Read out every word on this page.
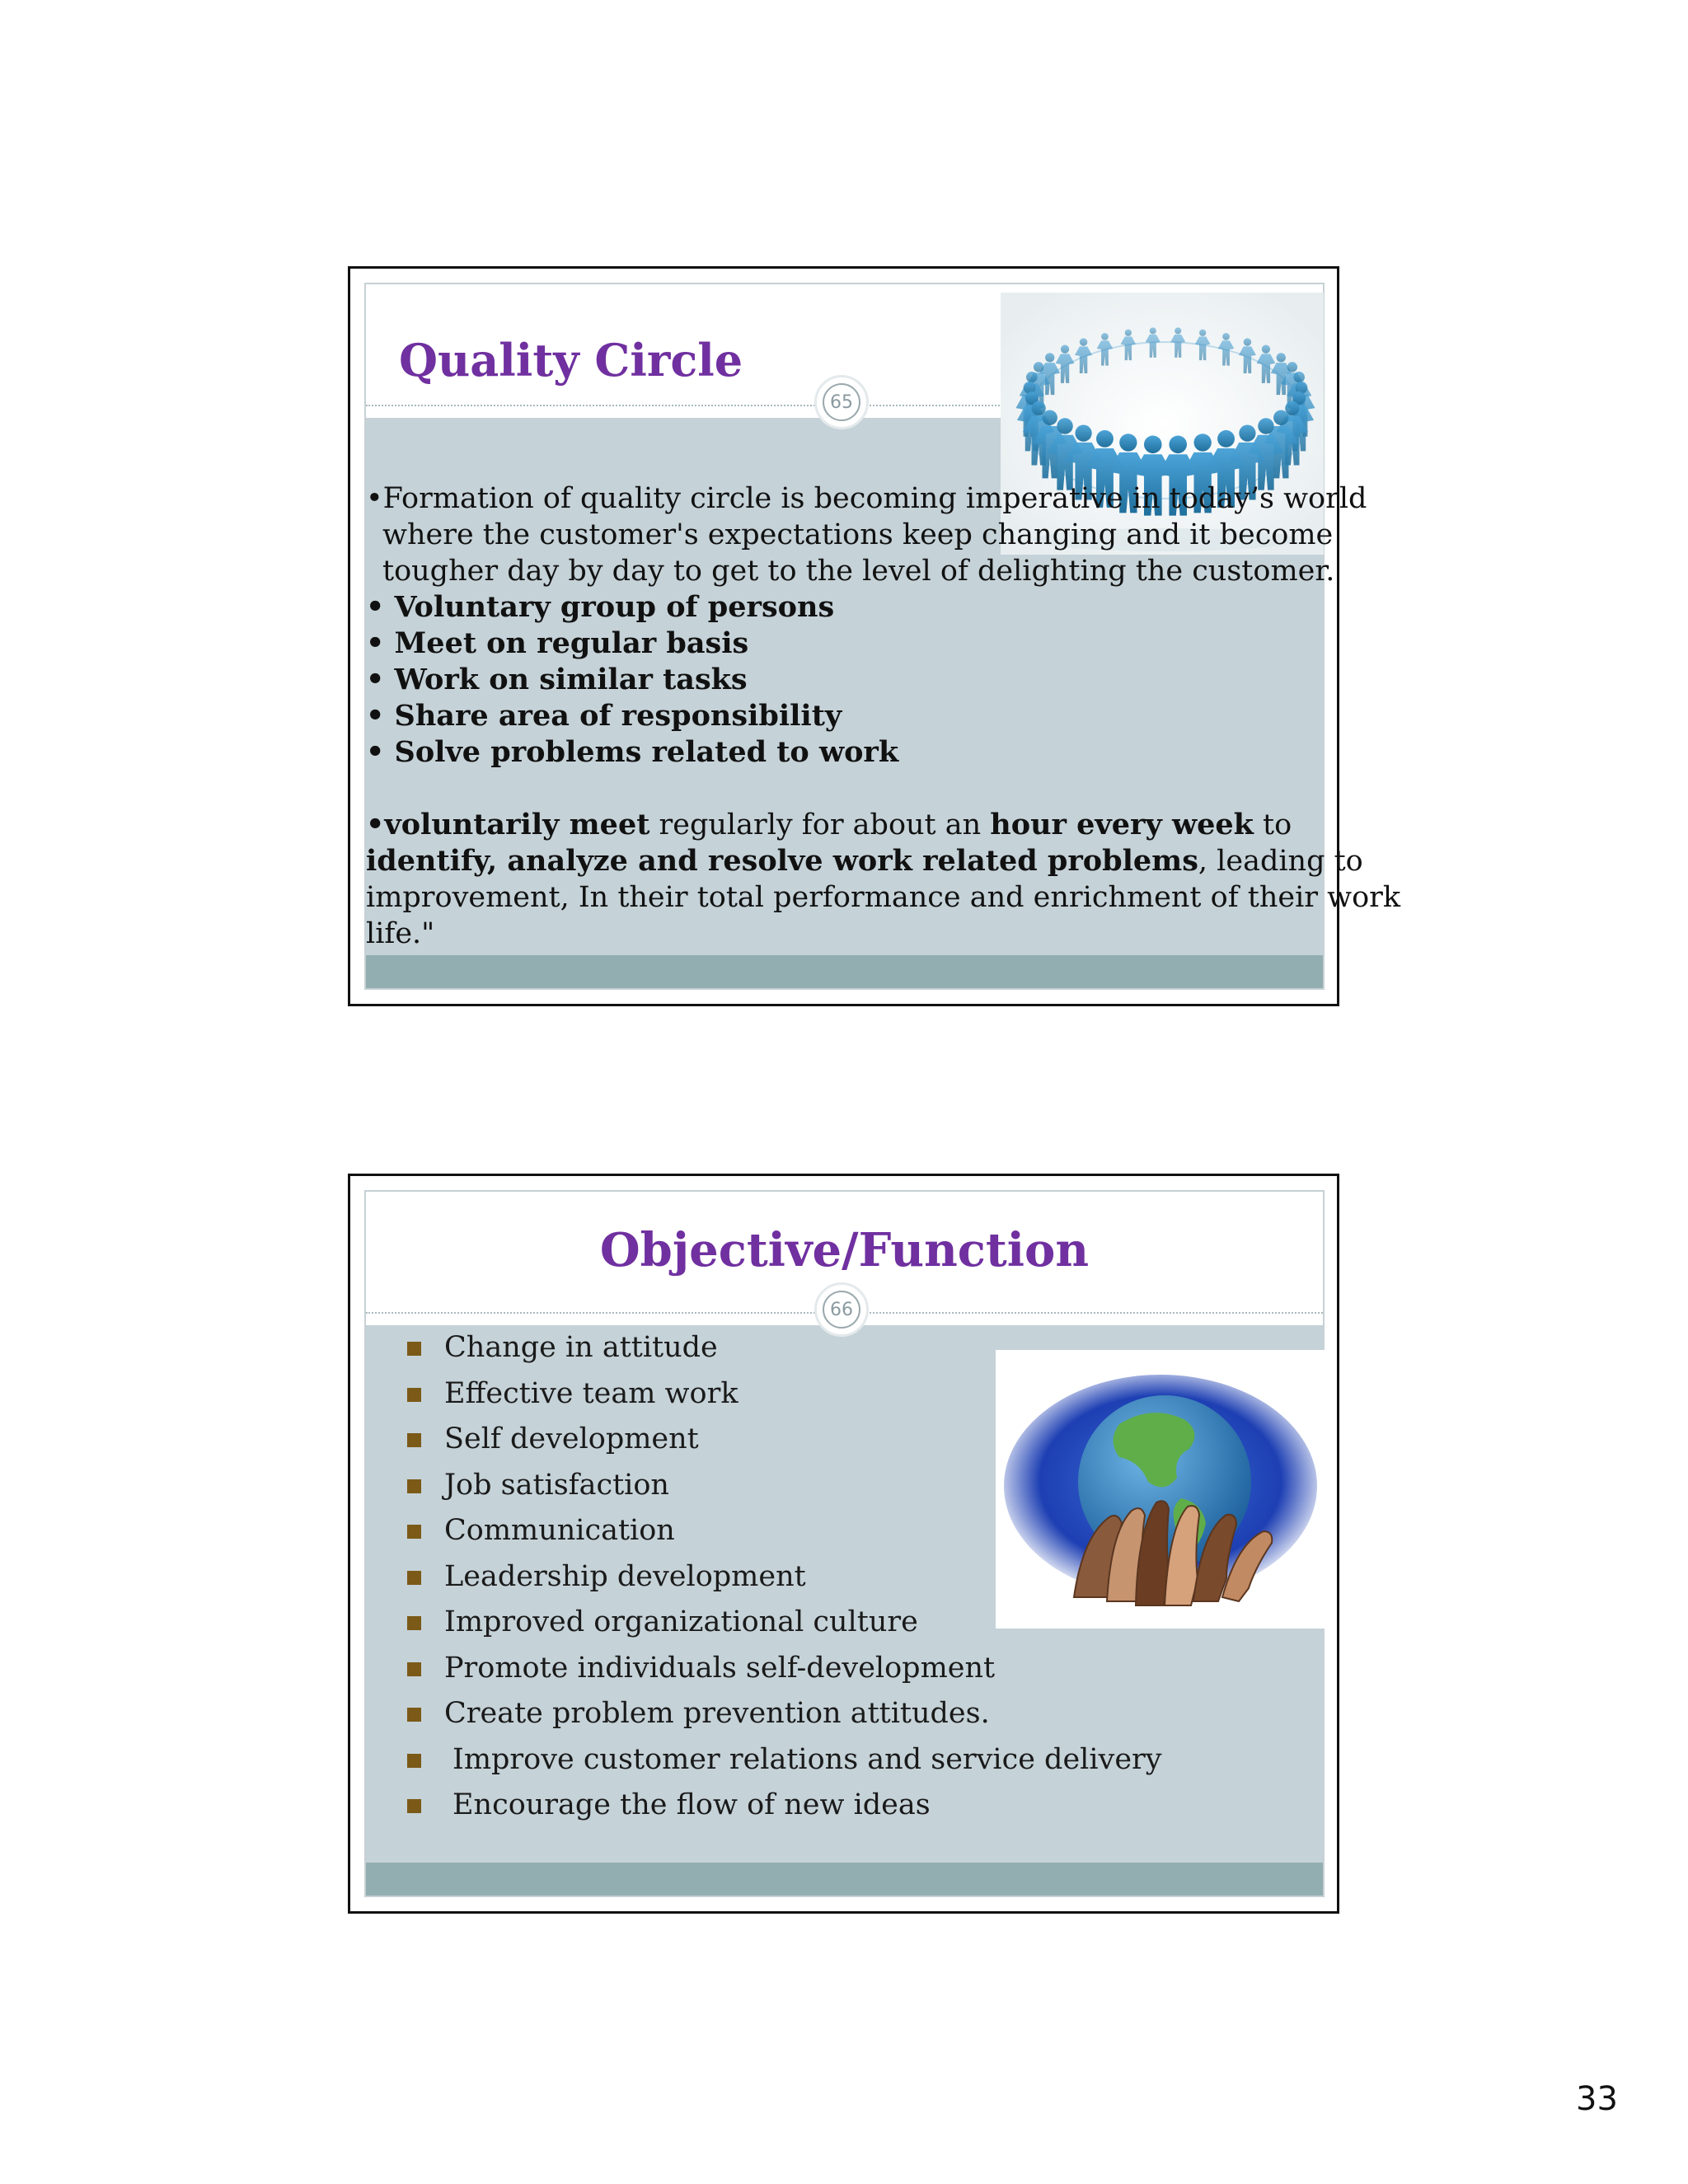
Quality Circle
65
•Formation of quality circle is becoming imperative in today’s world
where the customer's expectations keep changing and it become
tougher day by day to get to the level of delighting the customer.
• Voluntary group of persons
• Meet on regular basis
• Work on similar tasks
• Share area of responsibility
• Solve problems related to work
•voluntarily meet regularly for about an hour every week to
identify, analyze and resolve work related problems, leading to
improvement, In their total performance and enrichment of their work
life."
Objective/Function
66
Change in attitude
Effective team work
Self development
Job satisfaction
Communication
Leadership development
Improved organizational culture
Promote individuals self-development
Create problem prevention attitudes.
Improve customer relations and service delivery
Encourage the flow of new ideas
33
